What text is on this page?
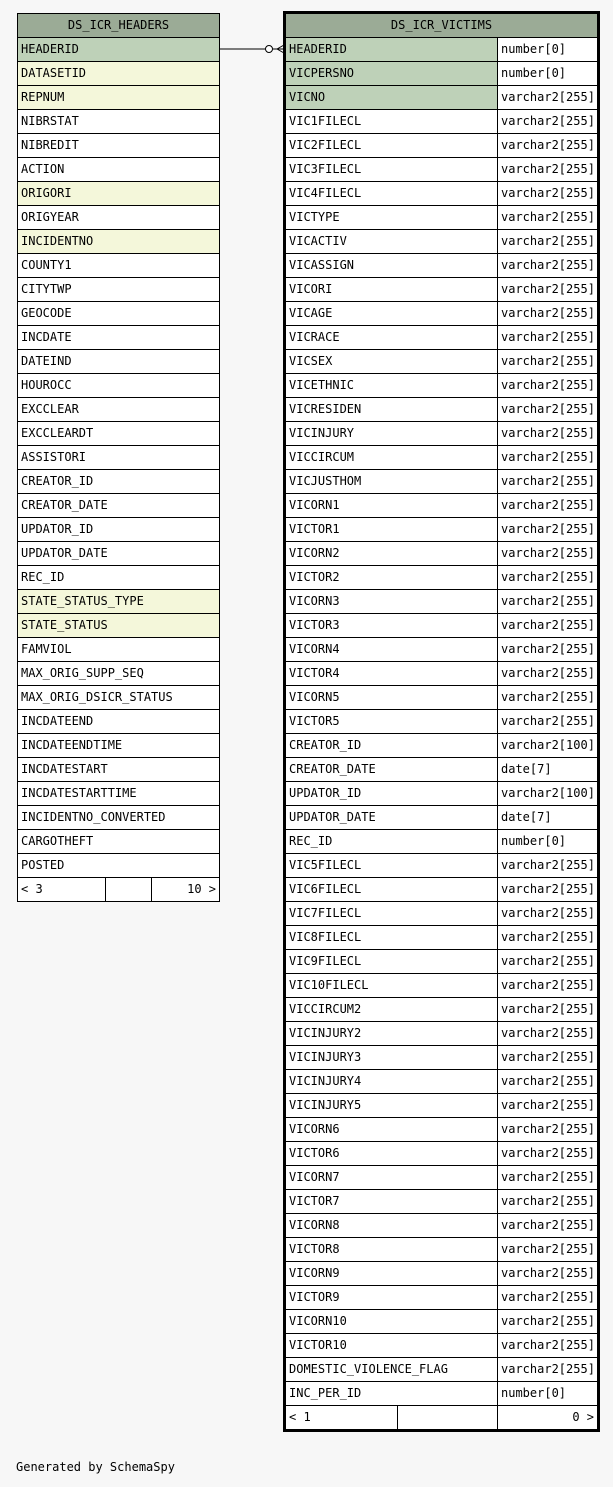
DS_ICR_HEADERS
HEADERID
DATASETID
REPNUM
NIBRSTAT
NIBREDIT
ACTION
ORIGORI
ORIGYEAR
INCIDENTNO
COUNTY1
CITYTWP
GEOCODE
INCDATE
DATEIND
HOUROCC
EXCCLEAR
EXCCLEARDT
ASSISTORI
CREATOR_ID
CREATOR_DATE
UPDATOR_ID
UPDATOR_DATE
REC_ID
STATE_STATUS_TYPE
STATE_STATUS
FAMVIOL
MAX_ORIG_SUPP_SEQ
MAX_ORIG_DSICR_STATUS
INCDATEEND
INCDATEENDTIME
INCDATESTART
INCDATESTARTTIME
INCIDENTNO_CONVERTED
CARGOTHEFT
POSTED
< 3		10 >
DS_ICR_VICTIMS		
HEADERID		number[0]
VICPERSNO		number[0]
VICNO		varchar2[255]
VIC1FILECL		varchar2[255]
VIC2FILECL		varchar2[255]
VIC3FILECL		varchar2[255]
VIC4FILECL		varchar2[255]
VICTYPE		varchar2[255]
VICACTIV		varchar2[255]
VICASSIGN		varchar2[255]
VICORI		varchar2[255]
VICAGE		varchar2[255]
VICRACE		varchar2[255]
VICSEX		varchar2[255]
VICETHNIC		varchar2[255]
VICRESIDEN		varchar2[255]
VICINJURY		varchar2[255]
VICCIRCUM		varchar2[255]
VICJUSTHOM		varchar2[255]
VICORN1		varchar2[255]
VICTOR1		varchar2[255]
VICORN2		varchar2[255]
VICTOR2		varchar2[255]
VICORN3		varchar2[255]
VICTOR3		varchar2[255]
VICORN4		varchar2[255]
VICTOR4		varchar2[255]
VICORN5		varchar2[255]
VICTOR5		varchar2[255]
CREATOR_ID		varchar2[100]
CREATOR_DATE		date[7]
UPDATOR_ID		varchar2[100]
UPDATOR_DATE		date[7]
REC_ID		number[0]
VIC5FILECL		varchar2[255]
VIC6FILECL		varchar2[255]
VIC7FILECL		varchar2[255]
VIC8FILECL		varchar2[255]
VIC9FILECL		varchar2[255]
VIC10FILECL		varchar2[255]
VICCIRCUM2		varchar2[255]
VICINJURY2		varchar2[255]
VICINJURY3		varchar2[255]
VICINJURY4		varchar2[255]
VICINJURY5		varchar2[255]
VICORN6		varchar2[255]
VICTOR6		varchar2[255]
VICORN7		varchar2[255]
VICTOR7		varchar2[255]
VICORN8		varchar2[255]
VICTOR8		varchar2[255]
VICORN9		varchar2[255]
VICTOR9		varchar2[255]
VICORN10		varchar2[255]
VICTOR10		varchar2[255]
DOMESTIC_VIOLENCE_FLAG		varchar2[255]
INC_PER_ID		number[0]
< 1		0 >
Generated by SchemaSpy
